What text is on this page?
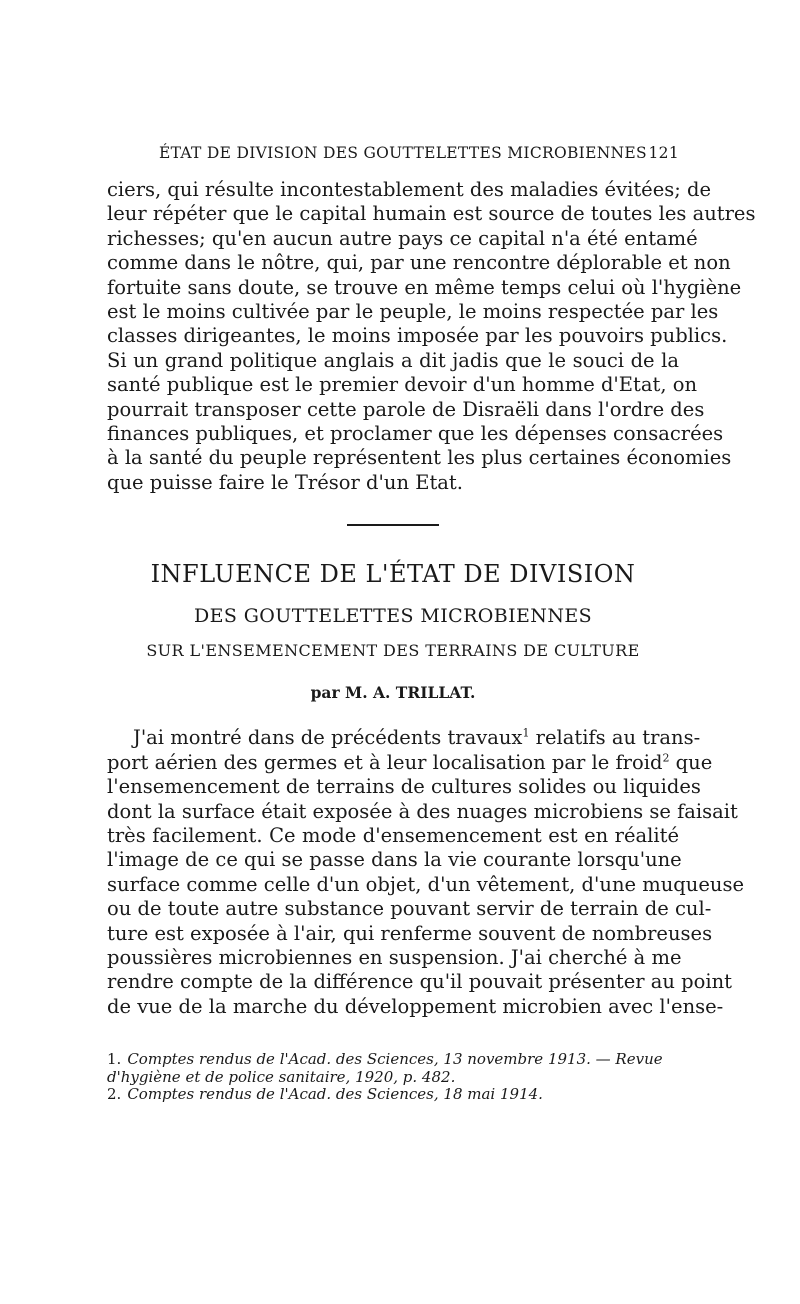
ÉTAT DE DIVISION DES GOUTTELETTES MICROBIENNES 121
ciers, qui résulte incontestablement des maladies évitées; de
leur répéter que le capital humain est source de toutes les autres
richesses; qu'en aucun autre pays ce capital n'a été entamé
comme dans le nôtre, qui, par une rencontre déplorable et non
fortuite sans doute, se trouve en même temps celui où l'hygiène
est le moins cultivée par le peuple, le moins respectée par les
classes dirigeantes, le moins imposée par les pouvoirs publics.
Si un grand politique anglais a dit jadis que le souci de la
santé publique est le premier devoir d'un homme d'Etat, on
pourrait transposer cette parole de Disraëli dans l'ordre des
finances publiques, et proclamer que les dépenses consacrées
à la santé du peuple représentent les plus certaines économies
que puisse faire le Trésor d'un Etat.
INFLUENCE DE L'ÉTAT DE DIVISION
DES GOUTTELETTES MICROBIENNES
SUR L'ENSEMENCEMENT DES TERRAINS DE CULTURE
par M. A. TRILLAT.
J'ai montré dans de précédents travaux$^1$ relatifs au trans-
port aérien des germes et à leur localisation par le froid$^2$ que
l'ensemencement de terrains de cultures solides ou liquides
dont la surface était exposée à des nuages microbiens se faisait
très facilement. Ce mode d'ensemencement est en réalité
l'image de ce qui se passe dans la vie courante lorsqu'une
surface comme celle d'un objet, d'un vêtement, d'une muqueuse
ou de toute autre substance pouvant servir de terrain de cul-
ture est exposée à l'air, qui renferme souvent de nombreuses
poussières microbiennes en suspension. J'ai cherché à me
rendre compte de la différence qu'il pouvait présenter au point
de vue de la marche du développement microbien avec l'ense-
1. Comptes rendus de l'Acad. des Sciences, 13 novembre 1913. — Revue
d'hygiène et de police sanitaire, 1920, p. 482.
2. Comptes rendus de l'Acad. des Sciences, 18 mai 1914.
